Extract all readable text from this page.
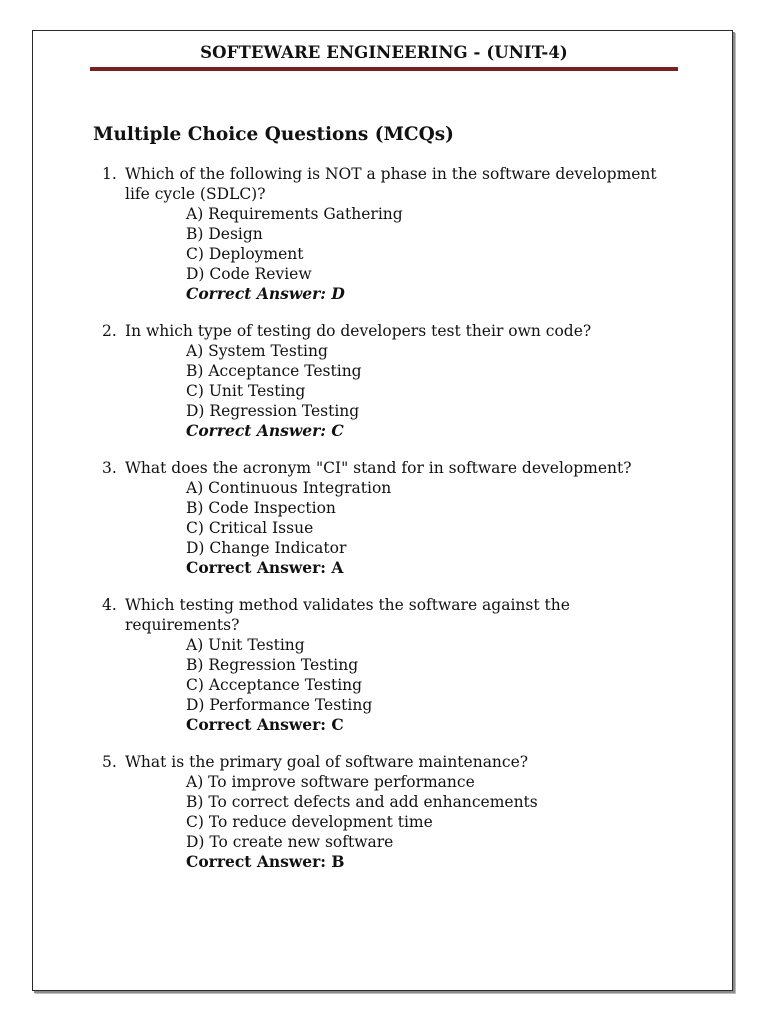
SOFTEWARE ENGINEERING - (UNIT-4)
Multiple Choice Questions (MCQs)
1. Which of the following is NOT a phase in the software development life cycle (SDLC)?
A) Requirements Gathering
B) Design
C) Deployment
D) Code Review
Correct Answer: D
2. In which type of testing do developers test their own code?
A) System Testing
B) Acceptance Testing
C) Unit Testing
D) Regression Testing
Correct Answer: C
3. What does the acronym "CI" stand for in software development?
A) Continuous Integration
B) Code Inspection
C) Critical Issue
D) Change Indicator
Correct Answer: A
4. Which testing method validates the software against the requirements?
A) Unit Testing
B) Regression Testing
C) Acceptance Testing
D) Performance Testing
Correct Answer: C
5. What is the primary goal of software maintenance?
A) To improve software performance
B) To correct defects and add enhancements
C) To reduce development time
D) To create new software
Correct Answer: B
